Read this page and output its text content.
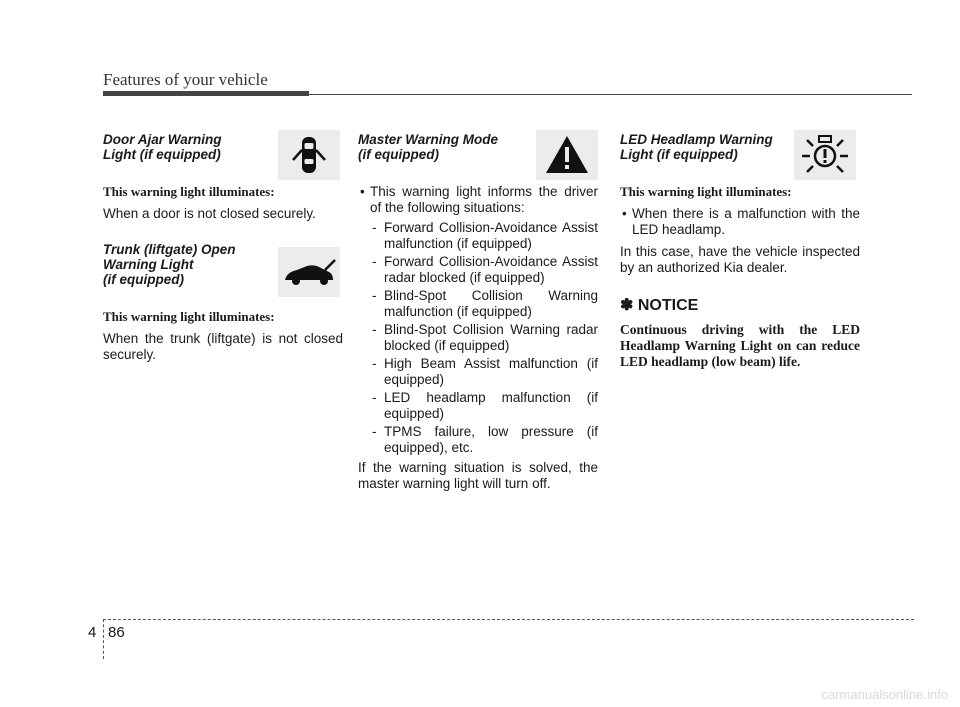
Features of your vehicle
Door Ajar Warning
Light (if equipped)

This warning light illuminates:

When a door is not closed securely.

Trunk (liftgate) Open
Warning Light
(if equipped)

This warning light illuminates:

When the trunk (liftgate) is not closed securely.

Master Warning Mode
(if equipped)

• This warning light informs the driver of the following situations:

- Forward Collision-Avoidance Assist malfunction (if equipped)
- Forward Collision-Avoidance Assist radar blocked (if equipped)
- Blind-Spot Collision Warning malfunction (if equipped)
- Blind-Spot Collision Warning radar blocked (if equipped)
- High Beam Assist malfunction (if equipped)
- LED headlamp malfunction (if equipped)
- TPMS failure, low pressure (if equipped), etc.

If the warning situation is solved, the master warning light will turn off.

LED Headlamp Warning
Light (if equipped)

This warning light illuminates:

• When there is a malfunction with the LED headlamp.

In this case, have the vehicle inspected by an authorized Kia dealer.

✽ NOTICE

Continuous driving with the LED Headlamp Warning Light on can reduce LED headlamp (low beam) life.

4 86
carmanualsonline.info
